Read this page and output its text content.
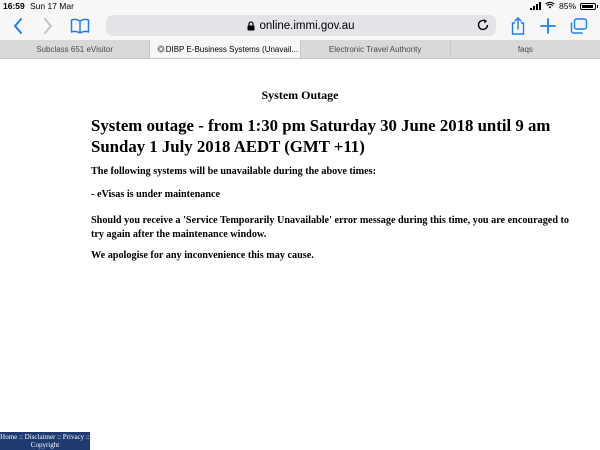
16:59 Sun 17 Mar	85%
online.immi.gov.au
Subclass 651 eVisitor	DIBP E-Business Systems (Unavail...	Electronic Travel Authority	faqs
System Outage
System outage - from 1:30 pm Saturday 30 June 2018 until 9 am Sunday 1 July 2018 AEDT (GMT +11)
The following systems will be unavailable during the above times:
- eVisas is under maintenance
Should you receive a 'Service Temporarily Unavailable' error message during this time, you are encouraged to try again after the maintenance window.
We apologise for any inconvenience this may cause.
Home :: Disclaimer :: Privacy ::
Copyright
